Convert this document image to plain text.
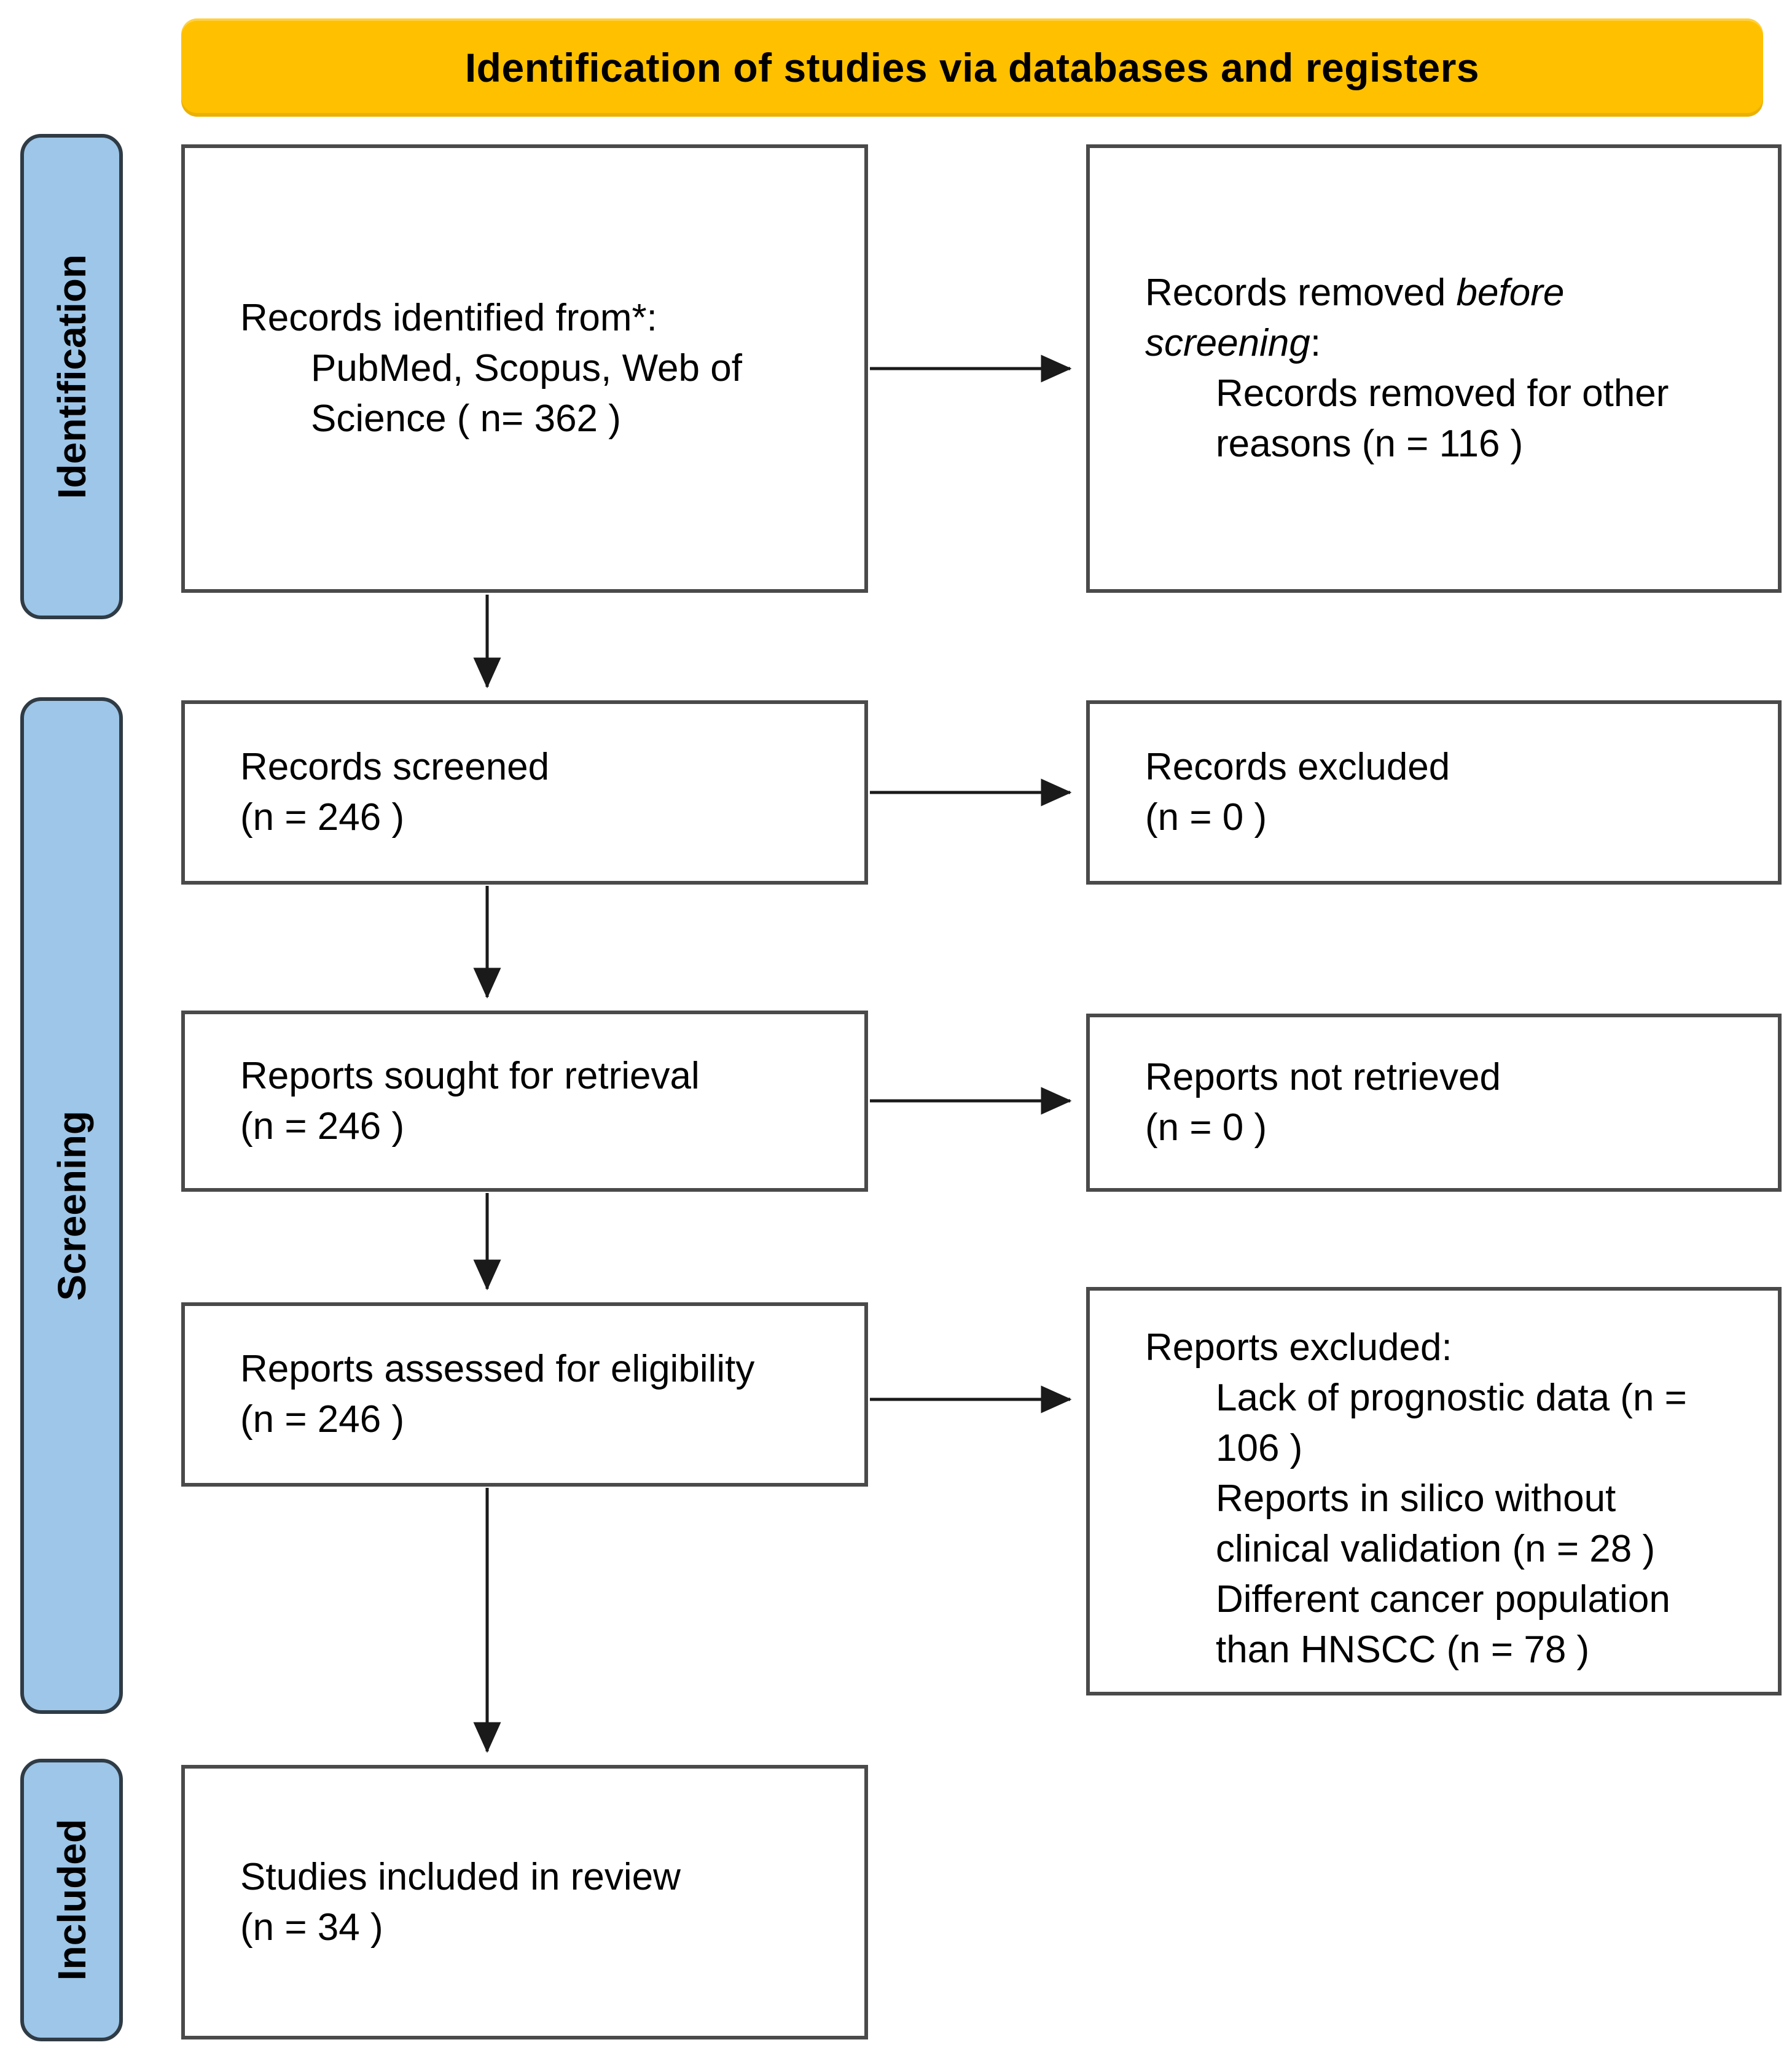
Identification of studies via databases and registers
Identification
Screening
Included
Records identified from*:
PubMed, Scopus, Web of
Science ( n= 362 )
Records screened
(n = 246 )
Reports sought for retrieval
(n = 246 )
Reports assessed for eligibility
(n = 246 )
Studies included in review
(n = 34 )
Records removed before
screening:
Records removed for other
reasons (n = 116 )
Records excluded
(n = 0 )
Reports not retrieved
(n = 0 )
Reports excluded:
Lack of prognostic data (n =
106 )
Reports in silico without
clinical validation (n = 28 )
Different cancer population
than HNSCC (n = 78 )
